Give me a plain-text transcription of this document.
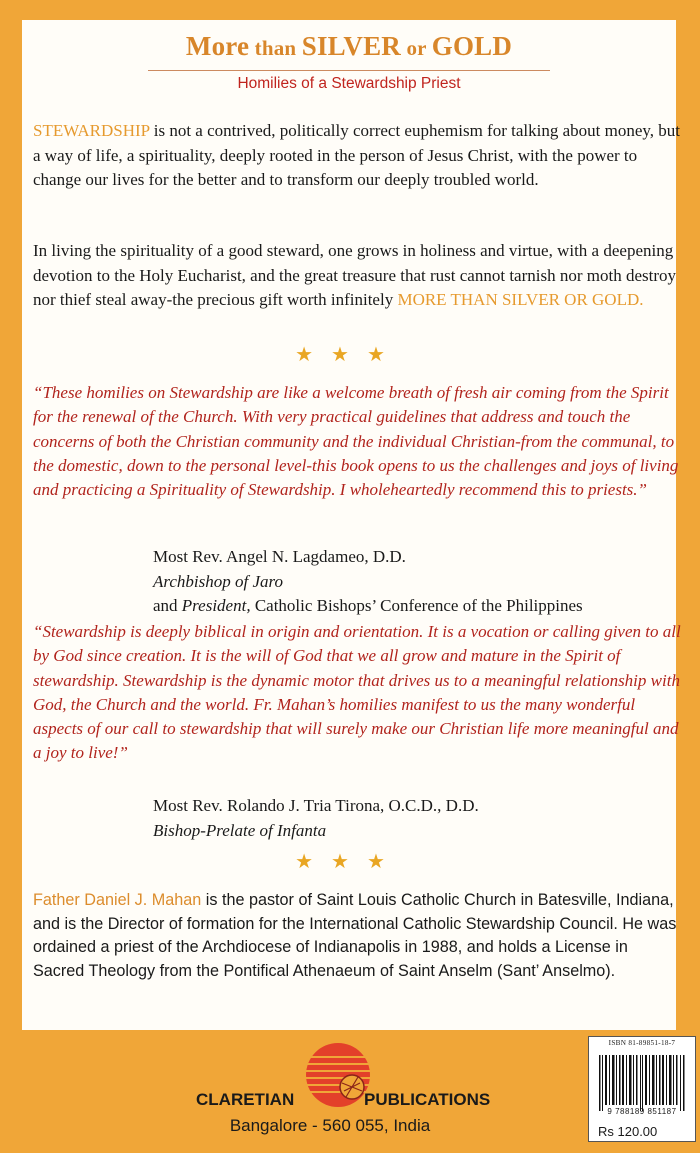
More than SILVER or GOLD
Homilies of a Stewardship Priest
STEWARDSHIP is not a contrived, politically correct euphemism for talking about money, but a way of life, a spirituality, deeply rooted in the person of Jesus Christ, with the power to change our lives for the better and to transform our deeply troubled world.
In living the spirituality of a good steward, one grows in holiness and virtue, with a deepening devotion to the Holy Eucharist, and the great treasure that rust cannot tarnish nor moth destroy nor thief steal away-the precious gift worth infinitely MORE THAN SILVER OR GOLD.
★★★
“These homilies on Stewardship are like a welcome breath of fresh air coming from the Spirit for the renewal of the Church. With very practical guidelines that address and touch the concerns of both the Christian community and the individual Christian-from the communal, to the domestic, down to the personal level-this book opens to us the challenges and joys of living and practicing a Spirituality of Stewardship. I wholeheartedly recommend this to priests.”
Most Rev. Angel N. Lagdameo, D.D.
Archbishop of Jaro
and President, Catholic Bishops’ Conference of the Philippines
“Stewardship is deeply biblical in origin and orientation. It is a vocation or calling given to all by God since creation. It is the will of God that we all grow and mature in the Spirit of stewardship. Stewardship is the dynamic motor that drives us to a meaningful relationship with God, the Church and the world. Fr. Mahan’s homilies manifest to us the many wonderful aspects of our call to stewardship that will surely make our Christian life more meaningful and a joy to live!”
Most Rev. Rolando J. Tria Tirona, O.C.D., D.D.
Bishop-Prelate of Infanta
★★★
Father Daniel J. Mahan is the pastor of Saint Louis Catholic Church in Batesville, Indiana, and is the Director of formation for the International Catholic Stewardship Council. He was ordained a priest of the Archdiocese of Indianapolis in 1988, and holds a License in Sacred Theology from the Pontifical Athenaeum of Saint Anselm (Sant’ Anselmo).
CLARETIAN	PUBLICATIONS
Bangalore - 560 055, India
ISBN 81-89851-18-7
9 788189 851187
Rs 120.00
